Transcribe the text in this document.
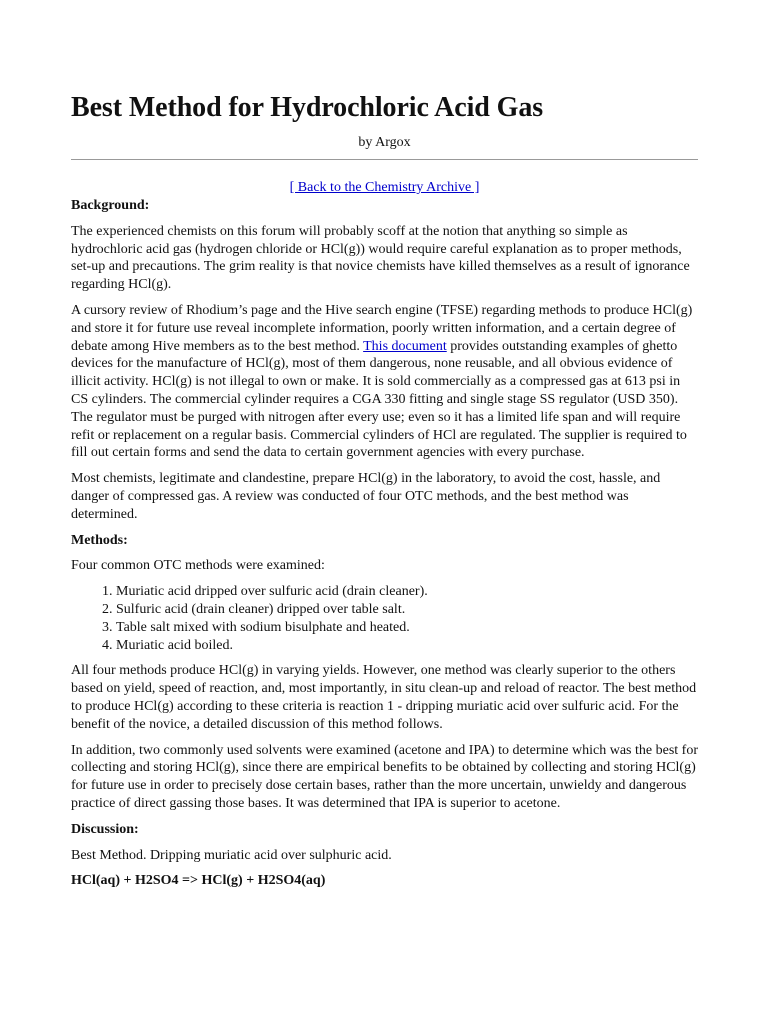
Best Method for Hydrochloric Acid Gas
by Argox
[ Back to the Chemistry Archive ]

Background:

The experienced chemists on this forum will probably scoff at the notion that anything so simple as hydrochloric acid gas (hydrogen chloride or HCl(g)) would require careful explanation as to proper methods, set-up and precautions. The grim reality is that novice chemists have killed themselves as a result of ignorance regarding HCl(g).

A cursory review of Rhodium’s page and the Hive search engine (TFSE) regarding methods to produce HCl(g) and store it for future use reveal incomplete information, poorly written information, and a certain degree of debate among Hive members as to the best method. This document provides outstanding examples of ghetto devices for the manufacture of HCl(g), most of them dangerous, none reusable, and all obvious evidence of illicit activity. HCl(g) is not illegal to own or make. It is sold commercially as a compressed gas at 613 psi in CS cylinders. The commercial cylinder requires a CGA 330 fitting and single stage SS regulator (USD 350). The regulator must be purged with nitrogen after every use; even so it has a limited life span and will require refit or replacement on a regular basis. Commercial cylinders of HCl are regulated. The supplier is required to fill out certain forms and send the data to certain government agencies with every purchase.

Most chemists, legitimate and clandestine, prepare HCl(g) in the laboratory, to avoid the cost, hassle, and danger of compressed gas. A review was conducted of four OTC methods, and the best method was determined.

Methods:

Four common OTC methods were examined:

1. Muriatic acid dripped over sulfuric acid (drain cleaner).
2. Sulfuric acid (drain cleaner) dripped over table salt.
3. Table salt mixed with sodium bisulphate and heated.
4. Muriatic acid boiled.

All four methods produce HCl(g) in varying yields. However, one method was clearly superior to the others based on yield, speed of reaction, and, most importantly, in situ clean-up and reload of reactor. The best method to produce HCl(g) according to these criteria is reaction 1 - dripping muriatic acid over sulfuric acid. For the benefit of the novice, a detailed discussion of this method follows.

In addition, two commonly used solvents were examined (acetone and IPA) to determine which was the best for collecting and storing HCl(g), since there are empirical benefits to be obtained by collecting and storing HCl(g) for future use in order to precisely dose certain bases, rather than the more uncertain, unwieldy and dangerous practice of direct gassing those bases. It was determined that IPA is superior to acetone.

Discussion:

Best Method. Dripping muriatic acid over sulphuric acid.

HCl(aq) + H2SO4 => HCl(g) + H2SO4(aq)
